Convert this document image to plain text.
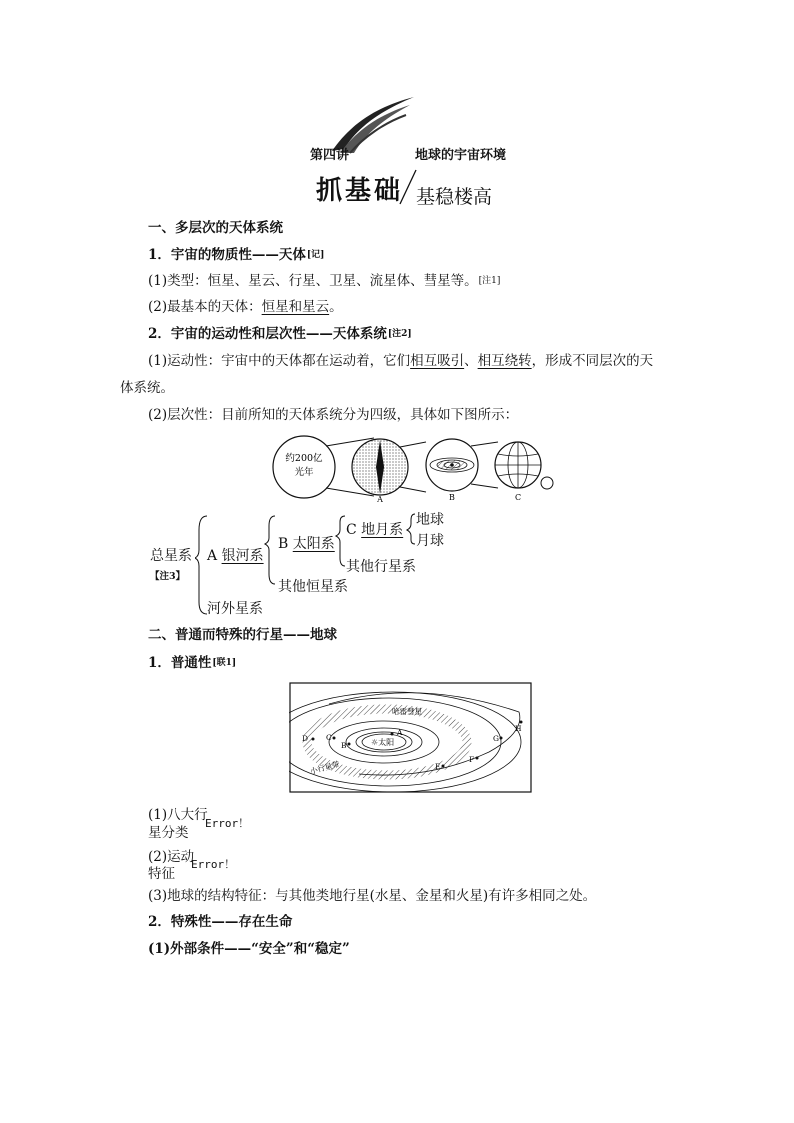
第四讲	地球的宇宙环境
抓基础 基稳楼高
一、多层次的天体系统
1．宇宙的物质性——天体[记]
(1)类型：恒星、星云、行星、卫星、流星体、彗星等。[注1]
(2)最基本的天体：恒星和星云。
2．宇宙的运动性和层次性——天体系统[注2]
(1)运动性：宇宙中的天体都在运动着，它们相互吸引、相互绕转，形成不同层次的天
体系统。
(2)层次性：目前所知的天体系统分为四级，具体如下图所示：
约200亿
光年
A	B	C
总星系
【注3】
A 银河系
B 太阳系
C 地月系
地球
月球
其他行星系
其他恒星系
河外星系
二、普通而特殊的行星——地球
1．普通性[联1]
☼太阳
哈雷彗星
小行星带
A
B
C
D
E
F
G
H
(1)八大行
星分类
Error！
(2)运动
特征
Error！
(3)地球的结构特征：与其他类地行星(水星、金星和火星)有许多相同之处。
2．特殊性——存在生命
(1)外部条件——“安全”和“稳定”
